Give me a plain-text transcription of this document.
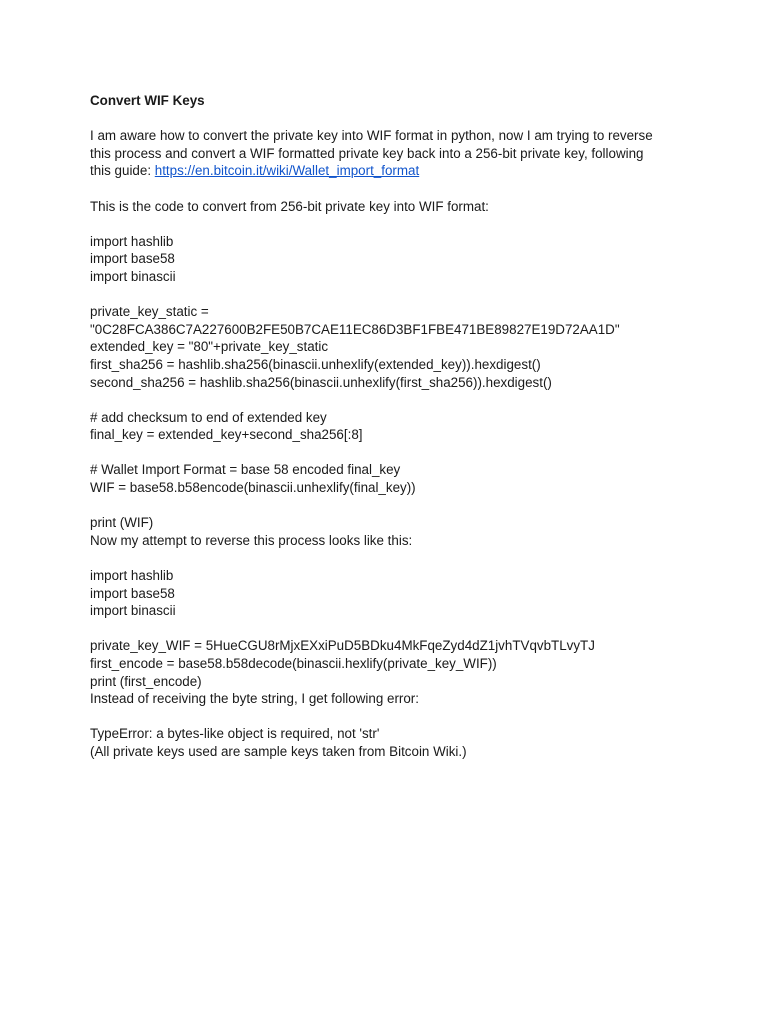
Convert WIF Keys
I am aware how to convert the private key into WIF format in python, now I am trying to reverse
this process and convert a WIF formatted private key back into a 256-bit private key, following
this guide: https://en.bitcoin.it/wiki/Wallet_import_format
This is the code to convert from 256-bit private key into WIF format:
import hashlib
import base58
import binascii
private_key_static =
"0C28FCA386C7A227600B2FE50B7CAE11EC86D3BF1FBE471BE89827E19D72AA1D"
extended_key = "80"+private_key_static
first_sha256 = hashlib.sha256(binascii.unhexlify(extended_key)).hexdigest()
second_sha256 = hashlib.sha256(binascii.unhexlify(first_sha256)).hexdigest()
# add checksum to end of extended key
final_key = extended_key+second_sha256[:8]
# Wallet Import Format = base 58 encoded final_key
WIF = base58.b58encode(binascii.unhexlify(final_key))
print (WIF)
Now my attempt to reverse this process looks like this:
import hashlib
import base58
import binascii
private_key_WIF = 5HueCGU8rMjxEXxiPuD5BDku4MkFqeZyd4dZ1jvhTVqvbTLvyTJ
first_encode = base58.b58decode(binascii.hexlify(private_key_WIF))
print (first_encode)
Instead of receiving the byte string, I get following error:
TypeError: a bytes-like object is required, not 'str'
(All private keys used are sample keys taken from Bitcoin Wiki.)
